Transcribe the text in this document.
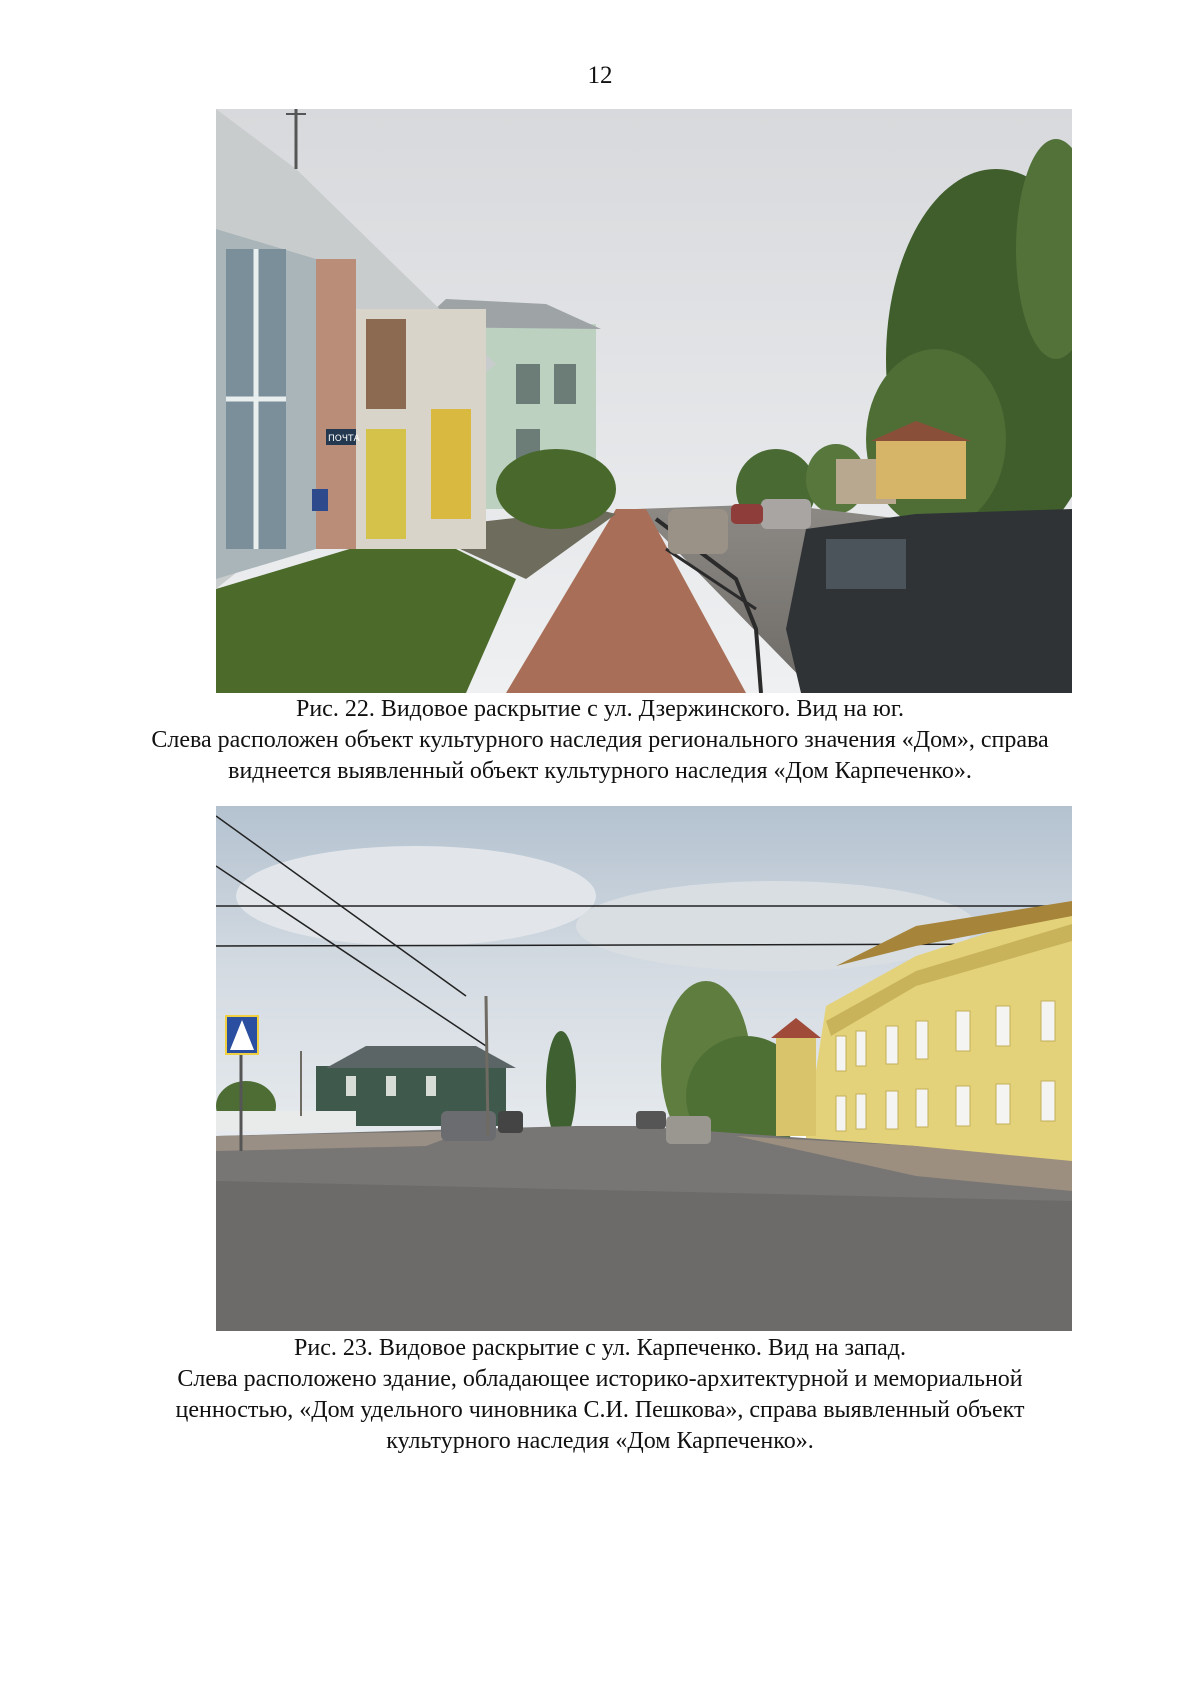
12
ПОЧТА
Рис. 22. Видовое раскрытие с ул. Дзержинского. Вид на юг.
Слева расположен объект культурного наследия регионального значения «Дом», справа
виднеется выявленный объект культурного наследия «Дом Карпеченко».
Рис. 23. Видовое раскрытие с ул. Карпеченко. Вид на запад.
Слева расположено здание, обладающее историко-архитектурной и мемориальной
ценностью, «Дом удельного чиновника С.И. Пешкова», справа выявленный объект
культурного наследия «Дом Карпеченко».
